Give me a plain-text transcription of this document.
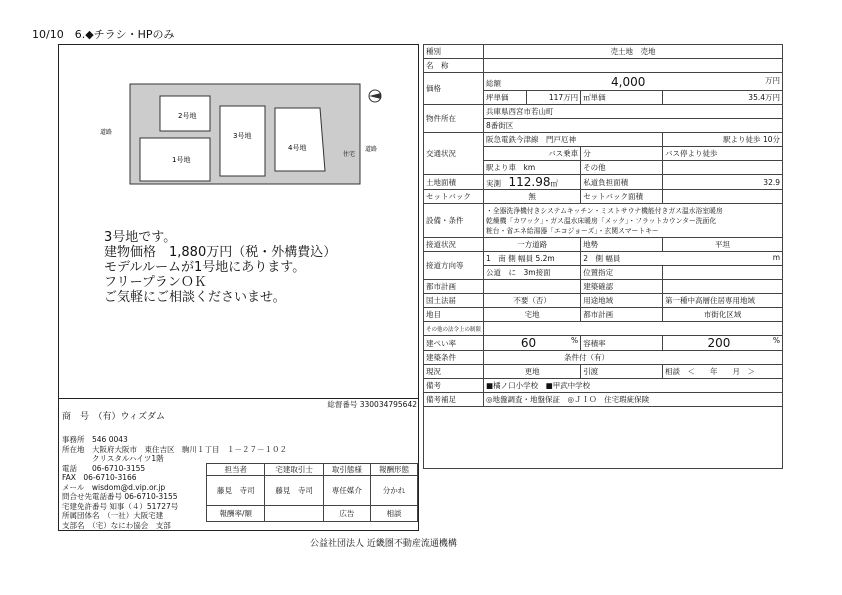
10/10　 6.◆チラシ・HPのみ
2号地
1号地
3号地
4号地
道路
道路
住宅
3号地です。
建物価格　1,880万円（税・外構費込）
モデルルームが1号地にあります。
フリープランＯＫ
ご気軽にご相談くださいませ。
総督番号 330034795642
商　号　 （有）ウィズダム
事務所　 546 0043
所在地　 大阪府大阪市　東住吉区　駒川１丁目　１－２７－１０２
　　　　クリスタルハイツ1階
電話　　 06-6710-3155
FAX　 06-6710-3166
メール　 wisdom@d.vip.or.jp
問合せ先電話番号 06-6710-3155
宅建免許番号 知事（４）51727号
所属団体名　 （一社）大阪宅建
支部名　 （宅）なにわ協会　支部
担当者	宅建取引士	取引態様	報酬形態
藤見　寺司	藤見　寺司	専任媒介	分かれ
報酬率/額		広告	相談
種別	売土地　売地			
名　称				
価格	総額 4,000 万円			

	坪単価	117万円	㎡単価	35.4万円
物件所在	兵庫県西宮市若山町			
	8番街区			
交通状況	阪急電鉄今津線　門戸厄神			駅より徒歩 10分
	バス乗車		分	バス停より徒歩
	駅より車　 km		その他	
土地面積	実測　 112.98㎡		私道負担面積	32.9
セットバック	無		セットバック面積	
設備・条件	・全器洗浄機付きシステムキッチン・ミストサウナ機能付きガス温水浴室暖房
乾燥機「カワック」・ガス温水床暖房「メック」・フラットカウンター洗面化
粧台・省エネ給湯器「エコジョーズ」・玄関スマートキー			

接道状況	一方道路		地勢	平坦
接道方向等	1　 南 側 幅員 5.2m		2　 側 幅員 m	

	公道　 に　 3m接面		位置指定	
都市計画			建築確認	
国土法届	不要（否）		用途地域	第一種中高層住居専用地域
地目	宅地		都市計画	市街化区域
その他の法令上の制限				
建ぺい率	60 %		容積率	200 %

建築条件	条件付（有）			
現況	更地		引渡	相談　＜　　年　　月　＞
備考	■橘ノ口小学校　■甲武中学校			
備考補足	◎地盤調査・地盤保証　◎ＪＩＯ　住宅瑕疵保険			

公益社団法人 近畿圏不動産流通機構
